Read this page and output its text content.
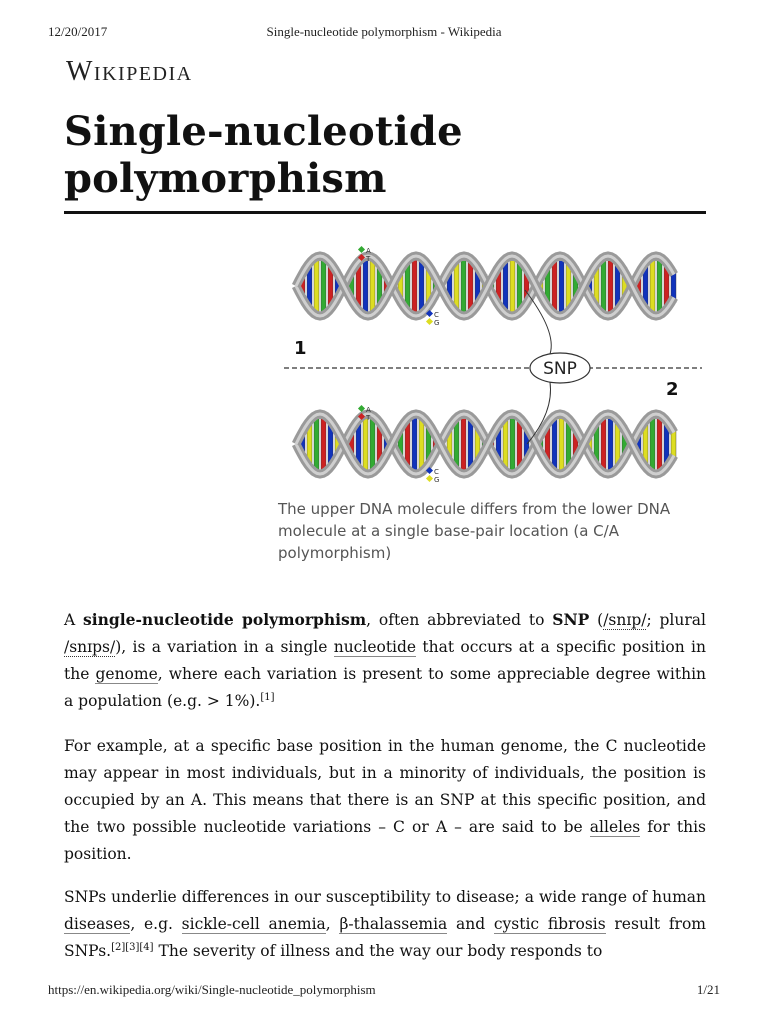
12/20/2017	Single-nucleotide polymorphism - Wikipedia
Wikipedia
Single-nucleotide polymorphism
SNP
1
2
A
T
C
G
A
T
C
G
The upper DNA molecule differs from the lower DNA molecule at a single base-pair location (a C/A polymorphism)

A single-nucleotide polymorphism, often abbreviated to SNP (/snɪp/; plural /snɪps/), is a variation in a single nucleotide that occurs at a specific position in the genome, where each variation is present to some appreciable degree within a population (e.g. > 1%).[1]

For example, at a specific base position in the human genome, the C nucleotide may appear in most individuals, but in a minority of individuals, the position is occupied by an A. This means that there is an SNP at this specific position, and the two possible nucleotide variations – C or A – are said to be alleles for this position.

SNPs underlie differences in our susceptibility to disease; a wide range of human diseases, e.g. sickle-cell anemia, β-thalassemia and cystic fibrosis result from SNPs.[2][3][4] The severity of illness and the way our body responds to

https://en.wikipedia.org/wiki/Single-nucleotide_polymorphism	1/21
